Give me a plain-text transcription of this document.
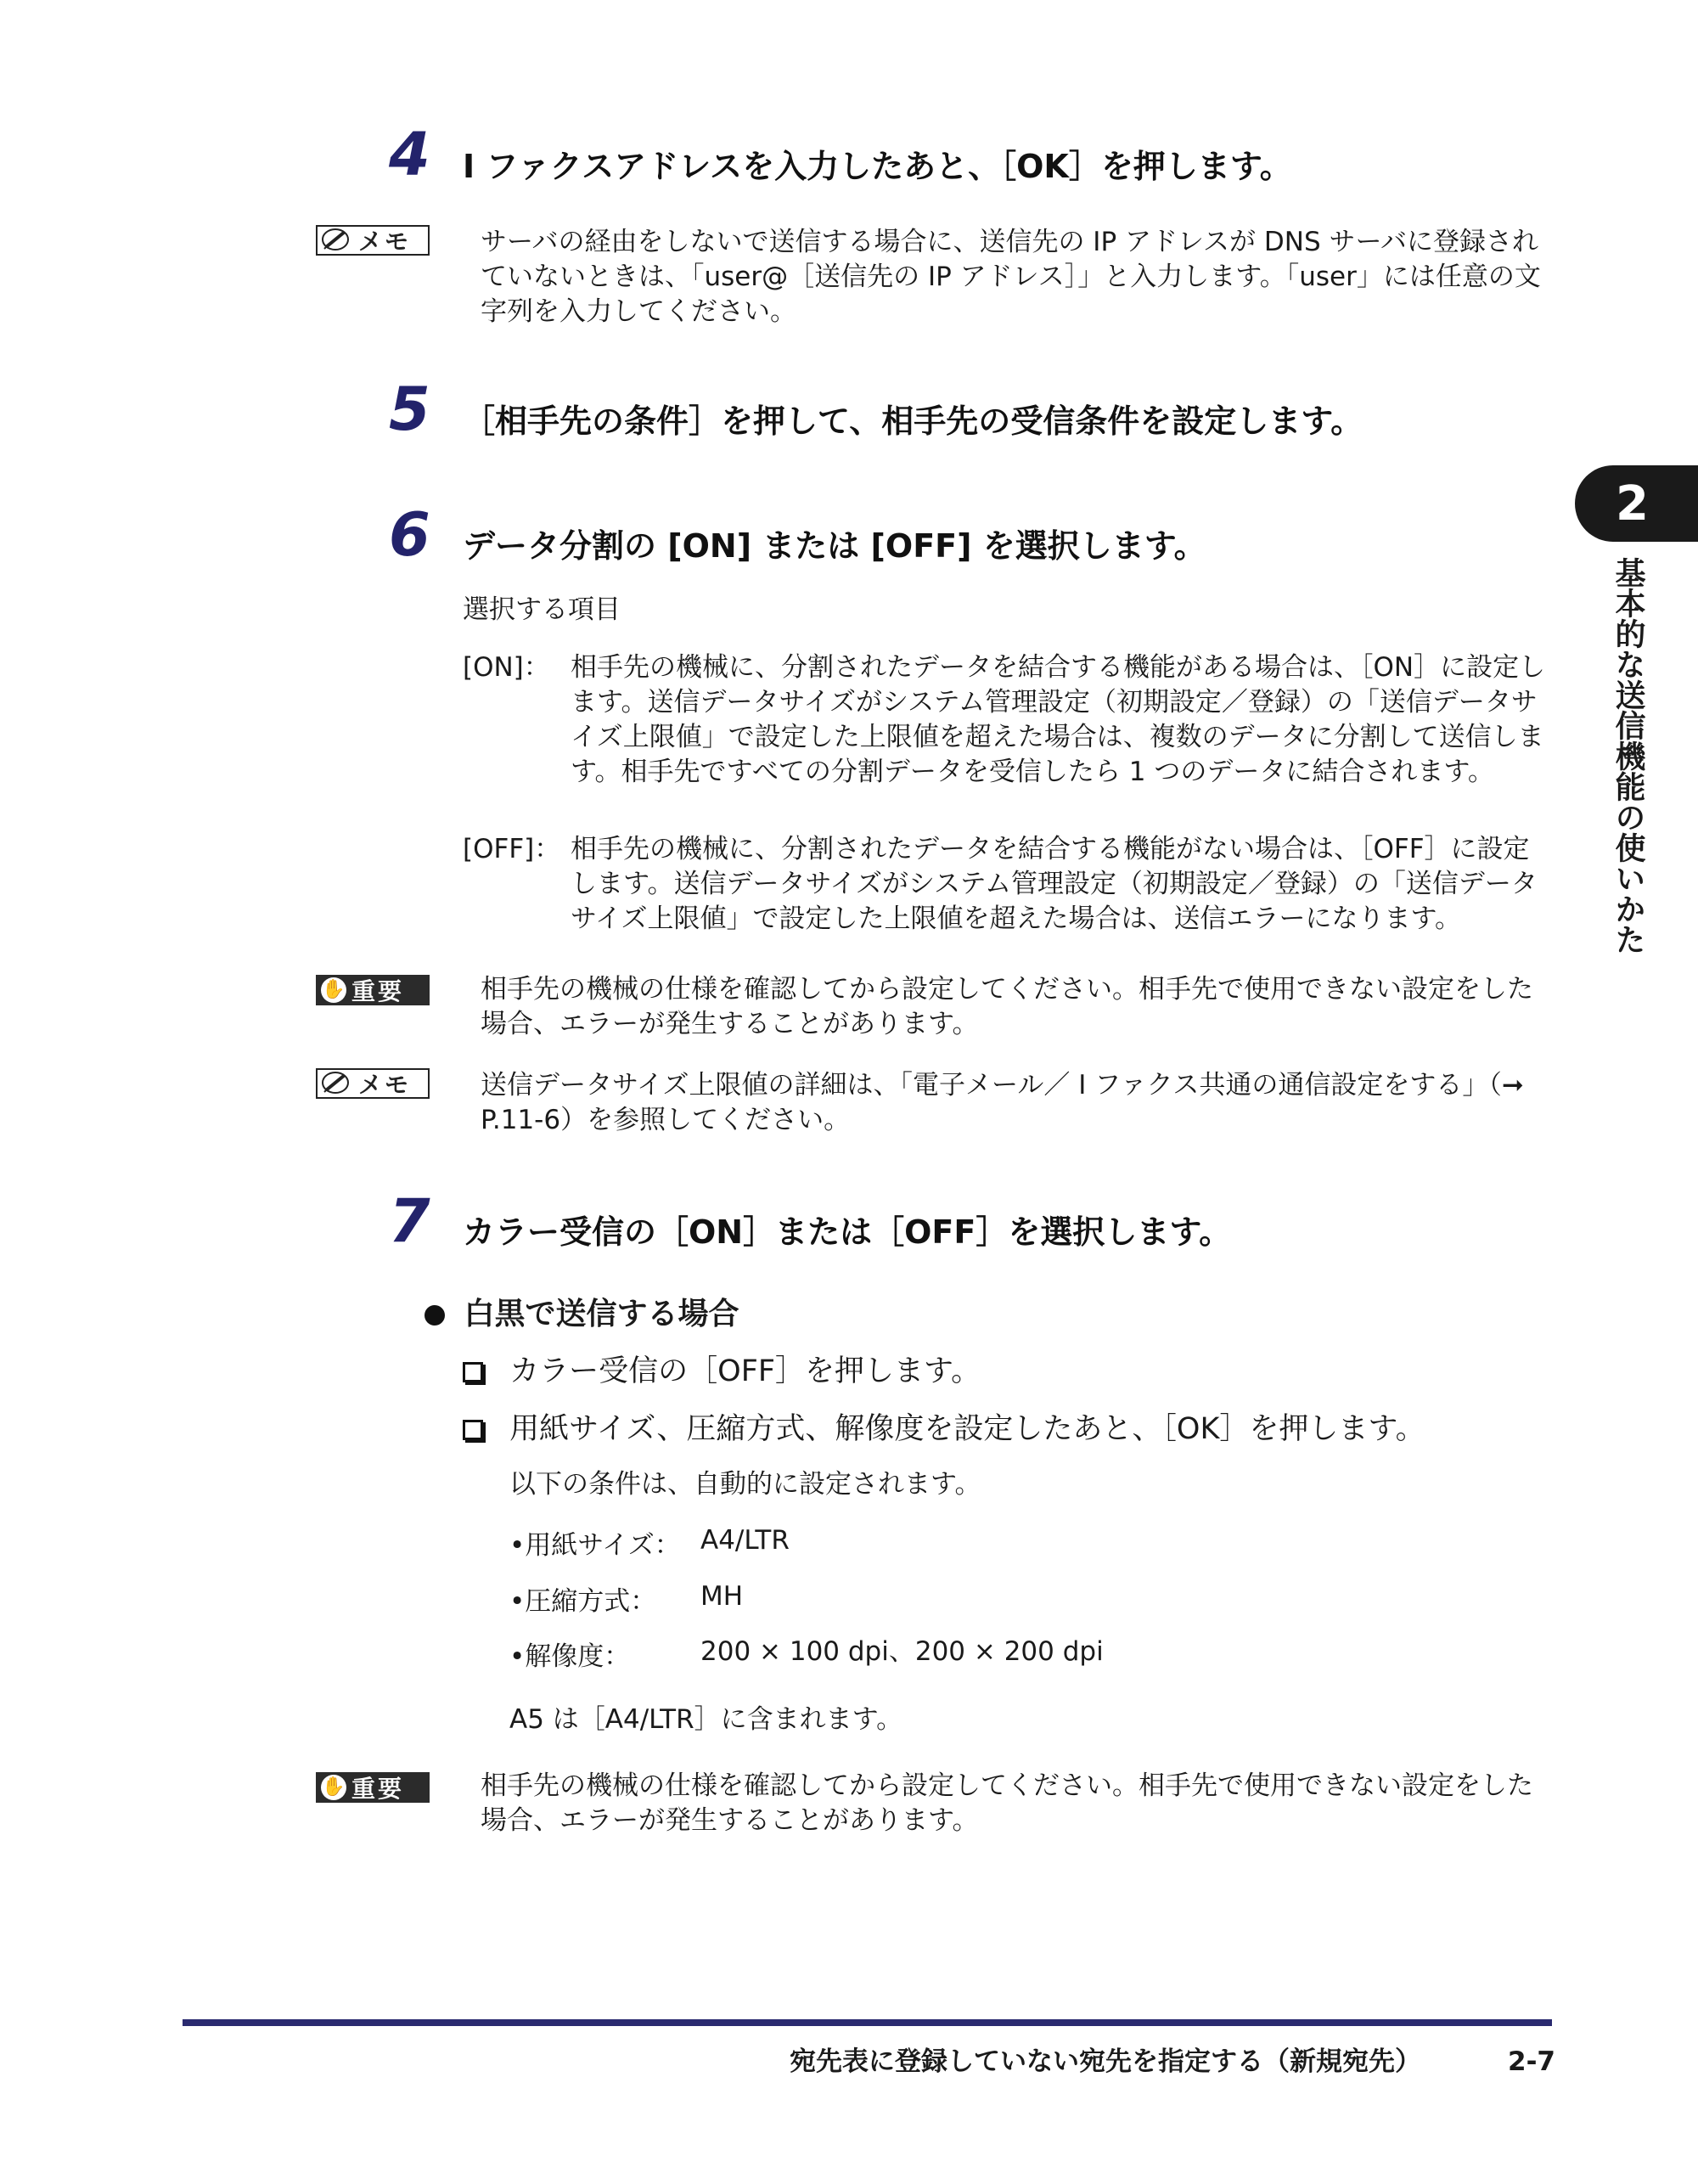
4 I ファクスアドレスを入力したあと、［OK］を押します。
メモ	サーバの経由をしないで送信する場合に、送信先の IP アドレスが DNS サーバに登録されていないときは、「user@［送信先の IP アドレス］」と入力します。「user」には任意の文字列を入力してください。
5 ［相手先の条件］を押して、相手先の受信条件を設定します。
6 データ分割の [ON] または [OFF] を選択します。
選択する項目
[ON]： 相手先の機械に、分割されたデータを結合する機能がある場合は、［ON］に設定します。送信データサイズがシステム管理設定（初期設定／登録）の「送信データサイズ上限値」で設定した上限値を超えた場合は、複数のデータに分割して送信します。相手先ですべての分割データを受信したら 1 つのデータに結合されます。
[OFF]： 相手先の機械に、分割されたデータを結合する機能がない場合は、［OFF］に設定します。送信データサイズがシステム管理設定（初期設定／登録）の「送信データサイズ上限値」で設定した上限値を超えた場合は、送信エラーになります。
✋ 重要	相手先の機械の仕様を確認してから設定してください。相手先で使用できない設定をした場合、エラーが発生することがあります。
メモ	送信データサイズ上限値の詳細は、「電子メール／ I ファクス共通の通信設定をする」（➞ P.11-6）を参照してください。
7 カラー受信の［ON］または［OFF］を選択します。
白黒で送信する場合
カラー受信の［OFF］を押します。
用紙サイズ、圧縮方式、解像度を設定したあと、［OK］を押します。
以下の条件は、自動的に設定されます。
•用紙サイズ： A4/LTR
•圧縮方式： MH
•解像度：	200 × 100 dpi、200 × 200 dpi
A5 は［A4/LTR］に含まれます。
✋ 重要	相手先の機械の仕様を確認してから設定してください。相手先で使用できない設定をした場合、エラーが発生することがあります。
2
基本的な送信機能の使いかた
宛先表に登録していない宛先を指定する（新規宛先）	2-7
